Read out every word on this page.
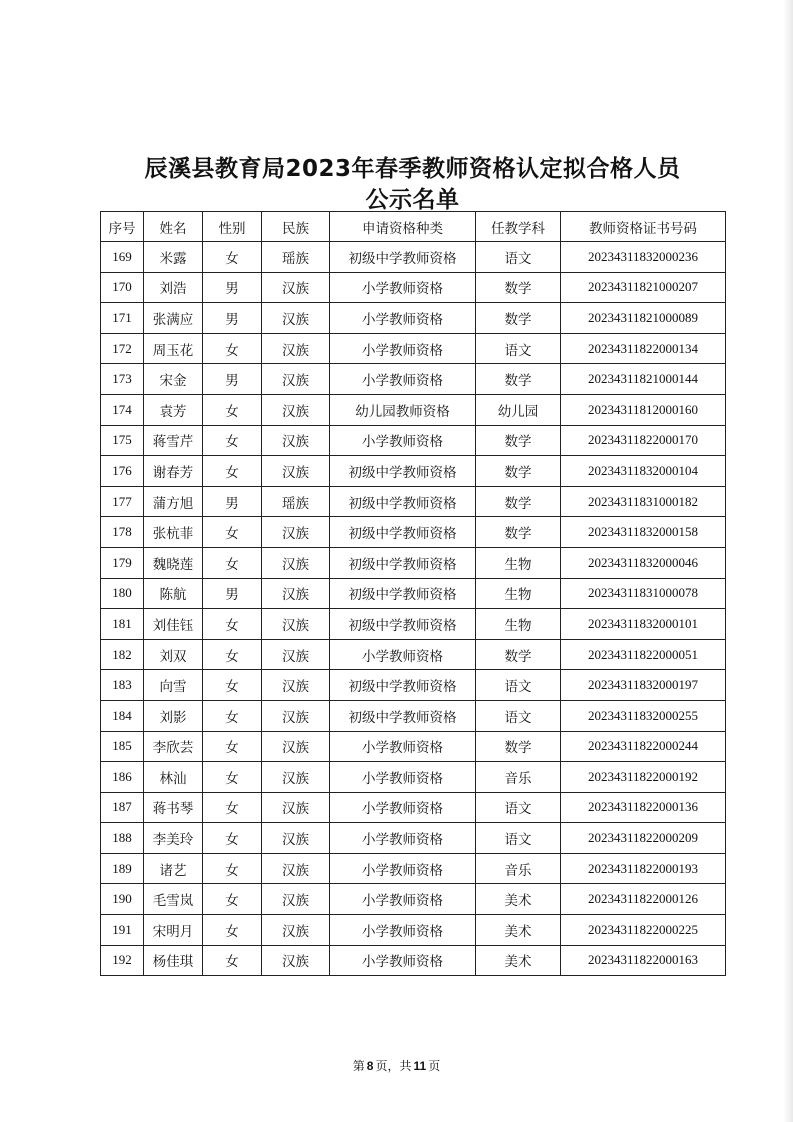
辰溪县教育局2023年春季教师资格认定拟合格人员
公示名单
序号	姓名	性别	民族	申请资格种类	任教学科	教师资格证书号码
169	米露	女	瑶族	初级中学教师资格	语文	20234311832000236
170	刘浩	男	汉族	小学教师资格	数学	20234311821000207
171	张满应	男	汉族	小学教师资格	数学	20234311821000089
172	周玉花	女	汉族	小学教师资格	语文	20234311822000134
173	宋金	男	汉族	小学教师资格	数学	20234311821000144
174	袁芳	女	汉族	幼儿园教师资格	幼儿园	20234311812000160
175	蒋雪芹	女	汉族	小学教师资格	数学	20234311822000170
176	谢春芳	女	汉族	初级中学教师资格	数学	20234311832000104
177	蒲方旭	男	瑶族	初级中学教师资格	数学	20234311831000182
178	张杭菲	女	汉族	初级中学教师资格	数学	20234311832000158
179	魏晓莲	女	汉族	初级中学教师资格	生物	20234311832000046
180	陈航	男	汉族	初级中学教师资格	生物	20234311831000078
181	刘佳钰	女	汉族	初级中学教师资格	生物	20234311832000101
182	刘双	女	汉族	小学教师资格	数学	20234311822000051
183	向雪	女	汉族	初级中学教师资格	语文	20234311832000197
184	刘影	女	汉族	初级中学教师资格	语文	20234311832000255
185	李欣芸	女	汉族	小学教师资格	数学	20234311822000244
186	林汕	女	汉族	小学教师资格	音乐	20234311822000192
187	蒋书琴	女	汉族	小学教师资格	语文	20234311822000136
188	李美玲	女	汉族	小学教师资格	语文	20234311822000209
189	诸艺	女	汉族	小学教师资格	音乐	20234311822000193
190	毛雪岚	女	汉族	小学教师资格	美术	20234311822000126
191	宋明月	女	汉族	小学教师资格	美术	20234311822000225
192	杨佳琪	女	汉族	小学教师资格	美术	20234311822000163
第 8 页，共 11 页
